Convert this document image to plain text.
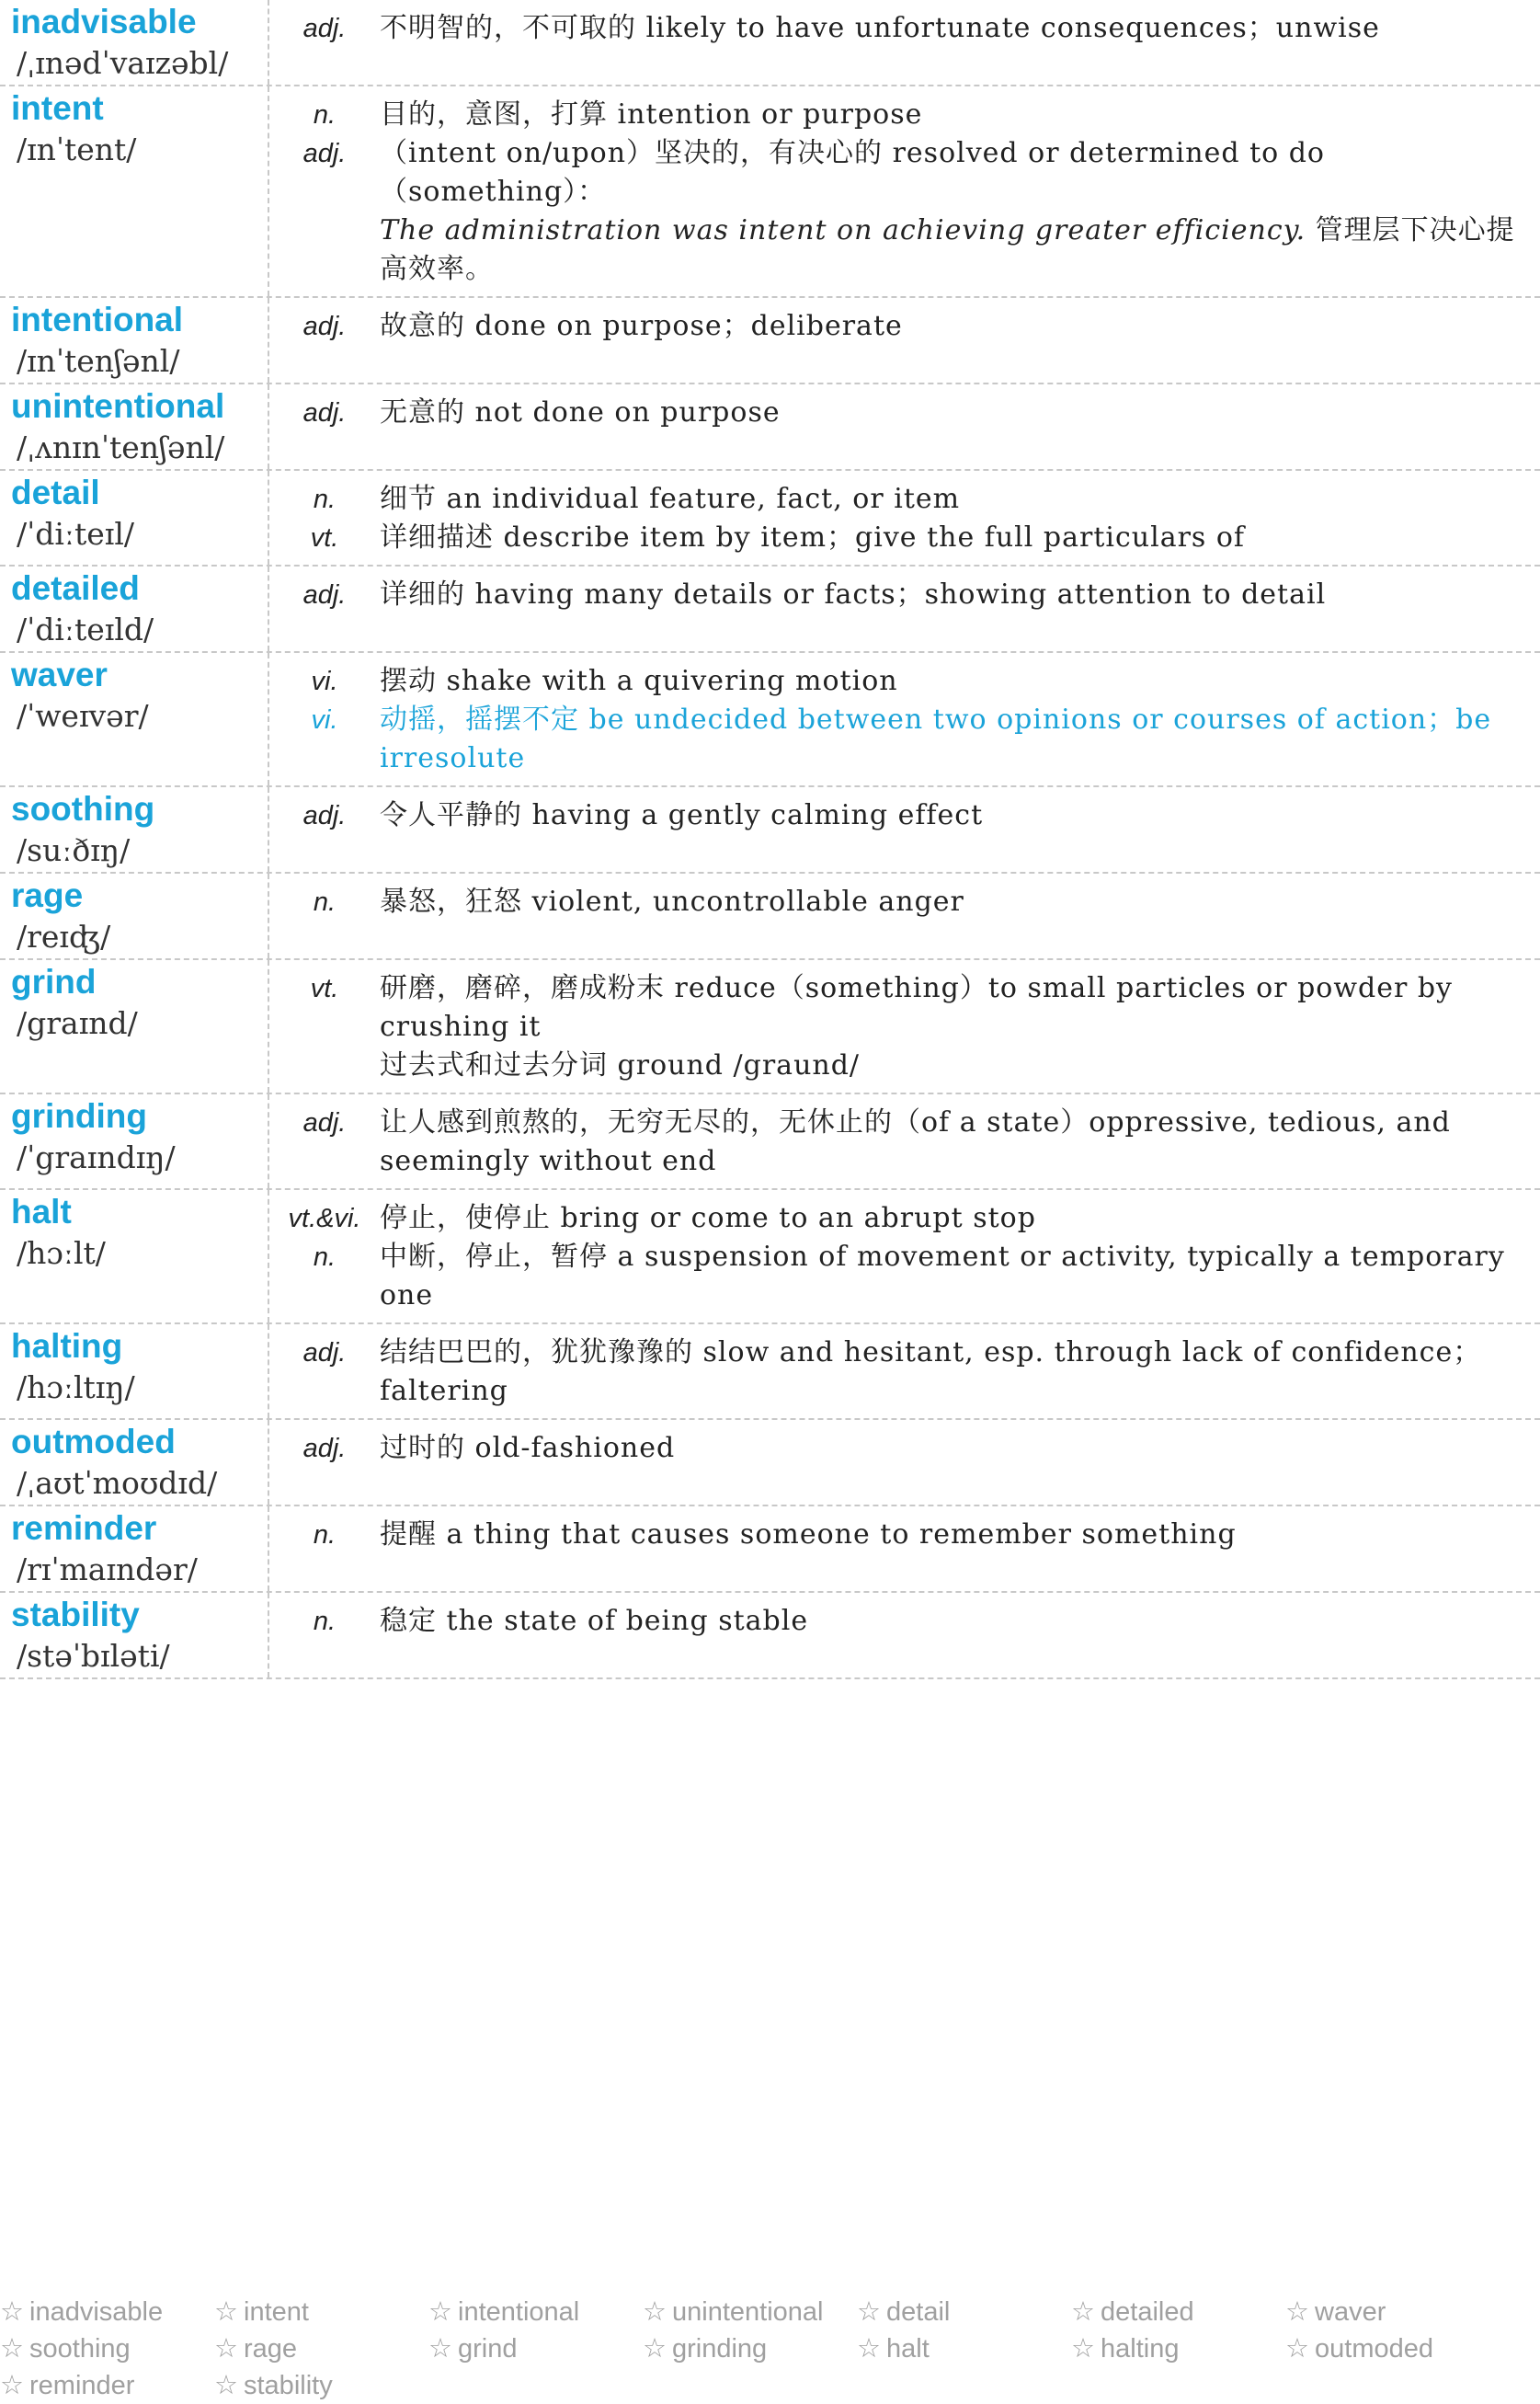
inadvisable
/ˌɪnədˈvaɪzəbl/
adj.	不明智的，不可取的 likely to have unfortunate consequences；unwise
intent
/ɪnˈtent/
n.	目的，意图，打算 intention or purpose
adj.	（intent on/upon）坚决的，有决心的 resolved or determined to do（something）：
The administration was intent on achieving greater efficiency. 管理层下决心提高效率。
intentional
/ɪnˈtenʃənl/
adj.	故意的 done on purpose；deliberate
unintentional
/ˌʌnɪnˈtenʃənl/
adj.	无意的 not done on purpose
detail
/ˈdiːteɪl/
n.	细节 an individual feature, fact, or item
vt.	详细描述 describe item by item；give the full particulars of
detailed
/ˈdiːteɪld/
adj.	详细的 having many details or facts；showing attention to detail
waver
/ˈweɪvər/
vi.	摆动 shake with a quivering motion
vi.	动摇，摇摆不定 be undecided between two opinions or courses of action；be irresolute
soothing
/suːðɪŋ/
adj.	令人平静的 having a gently calming effect
rage
/reɪʤ/
n.	暴怒，狂怒 violent, uncontrollable anger
grind
/graɪnd/
vt.	研磨，磨碎，磨成粉末 reduce（something）to small particles or powder by crushing it
过去式和过去分词 ground /graund/
grinding
/ˈgraɪndɪŋ/
adj.	让人感到煎熬的，无穷无尽的，无休止的（of a state）oppressive, tedious, and seemingly without end
halt
/hɔːlt/
vt.&vi. 停止，使停止 bring or come to an abrupt stop
n.	中断，停止，暂停 a suspension of movement or activity, typically a temporary one
halting
/hɔːltɪŋ/
adj.	结结巴巴的，犹犹豫豫的 slow and hesitant, esp. through lack of confidence；faltering
outmoded
/ˌaʊtˈmoʊdɪd/
adj.	过时的 old-fashioned
reminder
/rɪˈmaɪndər/
n.	提醒 a thing that causes someone to remember something
stability
/stəˈbɪləti/
n.	稳定 the state of being stable
☆ inadvisable	☆ intent	☆ intentional	☆ unintentional	☆ detail	☆ detailed	☆ waver
☆ soothing	☆ rage	☆ grind	☆ grinding	☆ halt	☆ halting	☆ outmoded
☆ reminder	☆ stability
